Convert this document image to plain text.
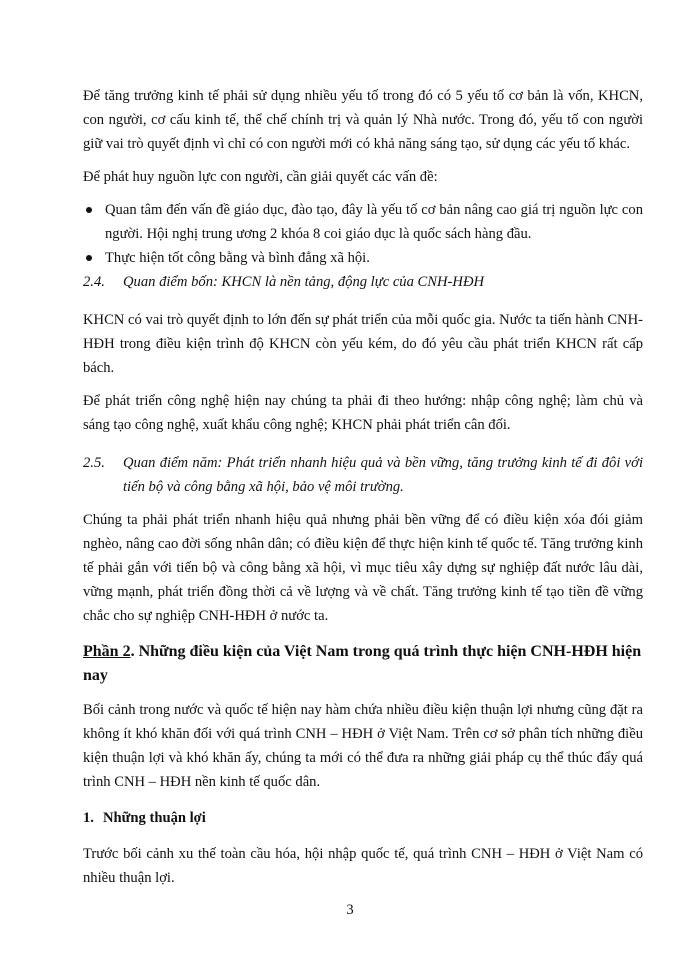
Để tăng trưởng kinh tế phải sử dụng nhiều yếu tố trong đó có 5 yếu tố cơ bản là vốn, KHCN, con người, cơ cấu kinh tế, thể chế chính trị và quản lý Nhà nước. Trong đó, yếu tố con người giữ vai trò quyết định vì chỉ có con người mới có khả năng sáng tạo, sử dụng các yếu tố khác.

Để phát huy nguồn lực con người, cần giải quyết các vấn đề:

Quan tâm đến vấn đề giáo dục, đào tạo, đây là yếu tố cơ bản nâng cao giá trị nguồn lực con người. Hội nghị trung ương 2 khóa 8 coi giáo dục là quốc sách hàng đầu.
Thực hiện tốt công bằng và bình đẳng xã hội.
2.4.	Quan điểm bốn: KHCN là nền tảng, động lực của CNH-HĐH

KHCN có vai trò quyết định to lớn đến sự phát triển của mỗi quốc gia. Nước ta tiến hành CNH-HĐH trong điều kiện trình độ KHCN còn yếu kém, do đó yêu cầu phát triển KHCN rất cấp bách.

Để phát triển công nghệ hiện nay chúng ta phải đi theo hướng: nhập công nghệ; làm chủ và sáng tạo công nghệ, xuất khẩu công nghệ; KHCN phải phát triển cân đối.

2.5.	Quan điểm năm: Phát triển nhanh hiệu quả và bền vững, tăng trưởng kinh tế đi đôi với tiến bộ và công bằng xã hội, bảo vệ môi trường.

Chúng ta phải phát triển nhanh hiệu quả nhưng phải bền vững để có điều kiện xóa đói giảm nghèo, nâng cao đời sống nhân dân; có điều kiện để thực hiện kinh tế quốc tế. Tăng trưởng kinh tế phải gắn với tiến bộ và công bằng xã hội, vì mục tiêu xây dựng sự nghiệp đất nước lâu dài, vững mạnh, phát triển đồng thời cả về lượng và về chất. Tăng trưởng kinh tế tạo tiền đề vững chắc cho sự nghiệp CNH-HĐH ở nước ta.

Phần 2. Những điều kiện của Việt Nam trong quá trình thực hiện CNH-HĐH hiện nay

Bối cảnh trong nước và quốc tế hiện nay hàm chứa nhiều điều kiện thuận lợi nhưng cũng đặt ra không ít khó khăn đối với quá trình CNH – HĐH ở Việt Nam. Trên cơ sở phân tích những điều kiện thuận lợi và khó khăn ấy, chúng ta mới có thể đưa ra những giải pháp cụ thể thúc đẩy quá trình CNH – HĐH nền kinh tế quốc dân.

1. Những thuận lợi

Trước bối cảnh xu thế toàn cầu hóa, hội nhập quốc tế, quá trình CNH – HĐH ở Việt Nam có nhiều thuận lợi.

3
